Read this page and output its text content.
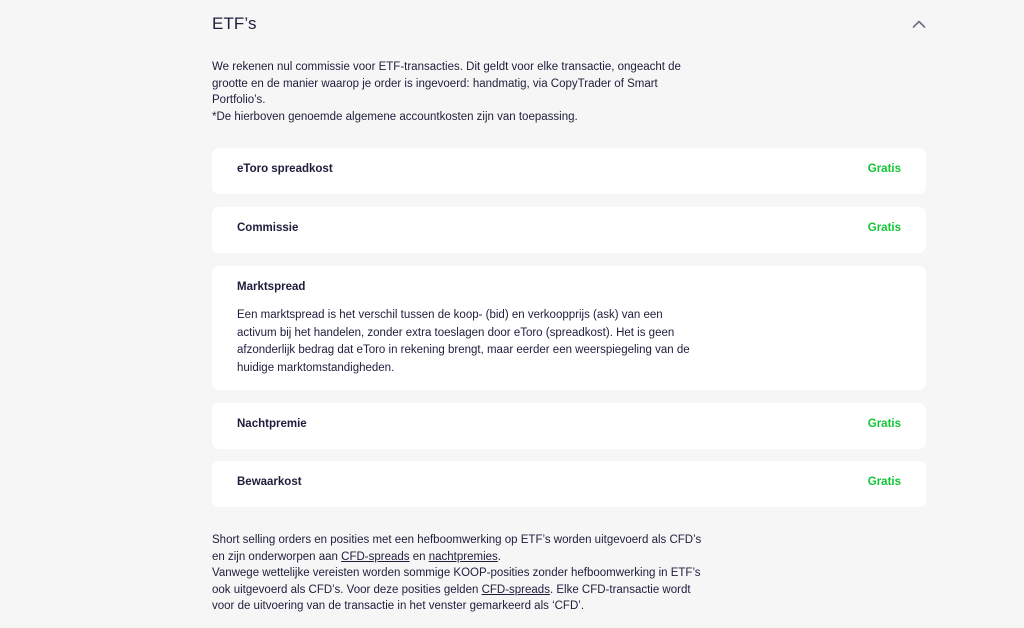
ETF’s

We rekenen nul commissie voor ETF-transacties. Dit geldt voor elke transactie, ongeacht de grootte en de manier waarop je order is ingevoerd: handmatig, via CopyTrader of Smart Portfolio’s.

*De hierboven genoemde algemene accountkosten zijn van toepassing.

eToro spreadkost	Gratis
Commissie	Gratis
Marktspread
Een marktspread is het verschil tussen de koop- (bid) en verkoopprijs (ask) van een activum bij het handelen, zonder extra toeslagen door eToro (spreadkost). Het is geen afzonderlijk bedrag dat eToro in rekening brengt, maar eerder een weerspiegeling van de huidige marktomstandigheden.
Nachtpremie	Gratis
Bewaarkost	Gratis

Short selling orders en posities met een hefboomwerking op ETF’s worden uitgevoerd als CFD’s en zijn onderworpen aan CFD-spreads en nachtpremies.

Vanwege wettelijke vereisten worden sommige KOOP-posities zonder hefboomwerking in ETF’s ook uitgevoerd als CFD’s. Voor deze posities gelden CFD-spreads. Elke CFD-transactie wordt voor de uitvoering van de transactie in het venster gemarkeerd als ‘CFD’.
